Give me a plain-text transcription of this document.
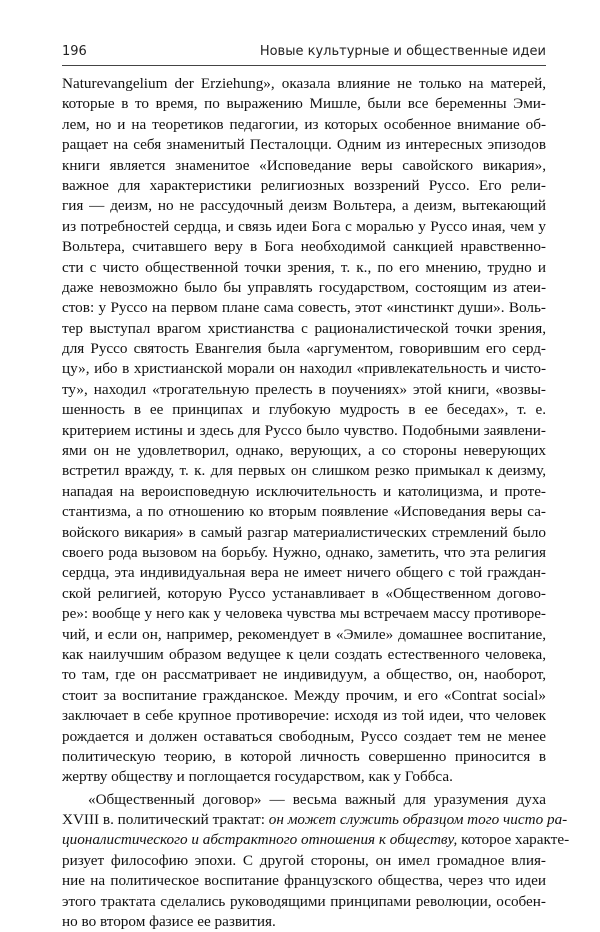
196	Новые культурные и общественные идеи
Naturevangelium der Erziehung», оказала влияние не только на матерей,
которые в то время, по выражению Мишле, были все беременны Эми-
лем, но и на теоретиков педагогии, из которых особенное внимание об-
ращает на себя знаменитый Песталоцци. Одним из интересных эпизодов
книги является знаменитое «Исповедание веры савойского викария»,
важное для характеристики религиозных воззрений Руссо. Его рели-
гия — деизм, но не рассудочный деизм Вольтера, а деизм, вытекающий
из потребностей сердца, и связь идеи Бога с моралью у Руссо иная, чем у
Вольтера, считавшего веру в Бога необходимой санкцией нравственно-
сти с чисто общественной точки зрения, т. к., по его мнению, трудно и
даже невозможно было бы управлять государством, состоящим из атеи-
стов: у Руссо на первом плане сама совесть, этот «инстинкт души». Воль-
тер выступал врагом христианства с рационалистической точки зрения,
для Руссо святость Евангелия была «аргументом, говорившим его серд-
цу», ибо в христианской морали он находил «привлекательность и чисто-
ту», находил «трогательную прелесть в поучениях» этой книги, «возвы-
шенность в ее принципах и глубокую мудрость в ее беседах», т. е.
критерием истины и здесь для Руссо было чувство. Подобными заявлени-
ями он не удовлетворил, однако, верующих, а со стороны неверующих
встретил вражду, т. к. для первых он слишком резко примыкал к деизму,
нападая на вероисповедную исключительность и католицизма, и проте-
стантизма, а по отношению ко вторым появление «Исповедания веры са-
войского викария» в самый разгар материалистических стремлений было
своего рода вызовом на борьбу. Нужно, однако, заметить, что эта религия
сердца, эта индивидуальная вера не имеет ничего общего с той граждан-
ской религией, которую Руссо устанавливает в «Общественном догово-
ре»: вообще у него как у человека чувства мы встречаем массу противоре-
чий, и если он, например, рекомендует в «Эмиле» домашнее воспитание,
как наилучшим образом ведущее к цели создать естественного человека,
то там, где он рассматривает не индивидуум, а общество, он, наоборот,
стоит за воспитание гражданское. Между прочим, и его «Contrat social»
заключает в себе крупное противоречие: исходя из той идеи, что человек
рождается и должен оставаться свободным, Руссо создает тем не менее
политическую теорию, в которой личность совершенно приносится в
жертву обществу и поглощается государством, как у Гоббса.
«Общественный договор» — весьма важный для уразумения духа
XVIII в. политический трактат: он может служить образцом того чисто ра-
ционалистического и абстрактного отношения к обществу, которое характе-
ризует философию эпохи. С другой стороны, он имел громадное влия-
ние на политическое воспитание французского общества, через что идеи
этого трактата сделались руководящими принципами революции, особен-
но во втором фазисе ее развития.
